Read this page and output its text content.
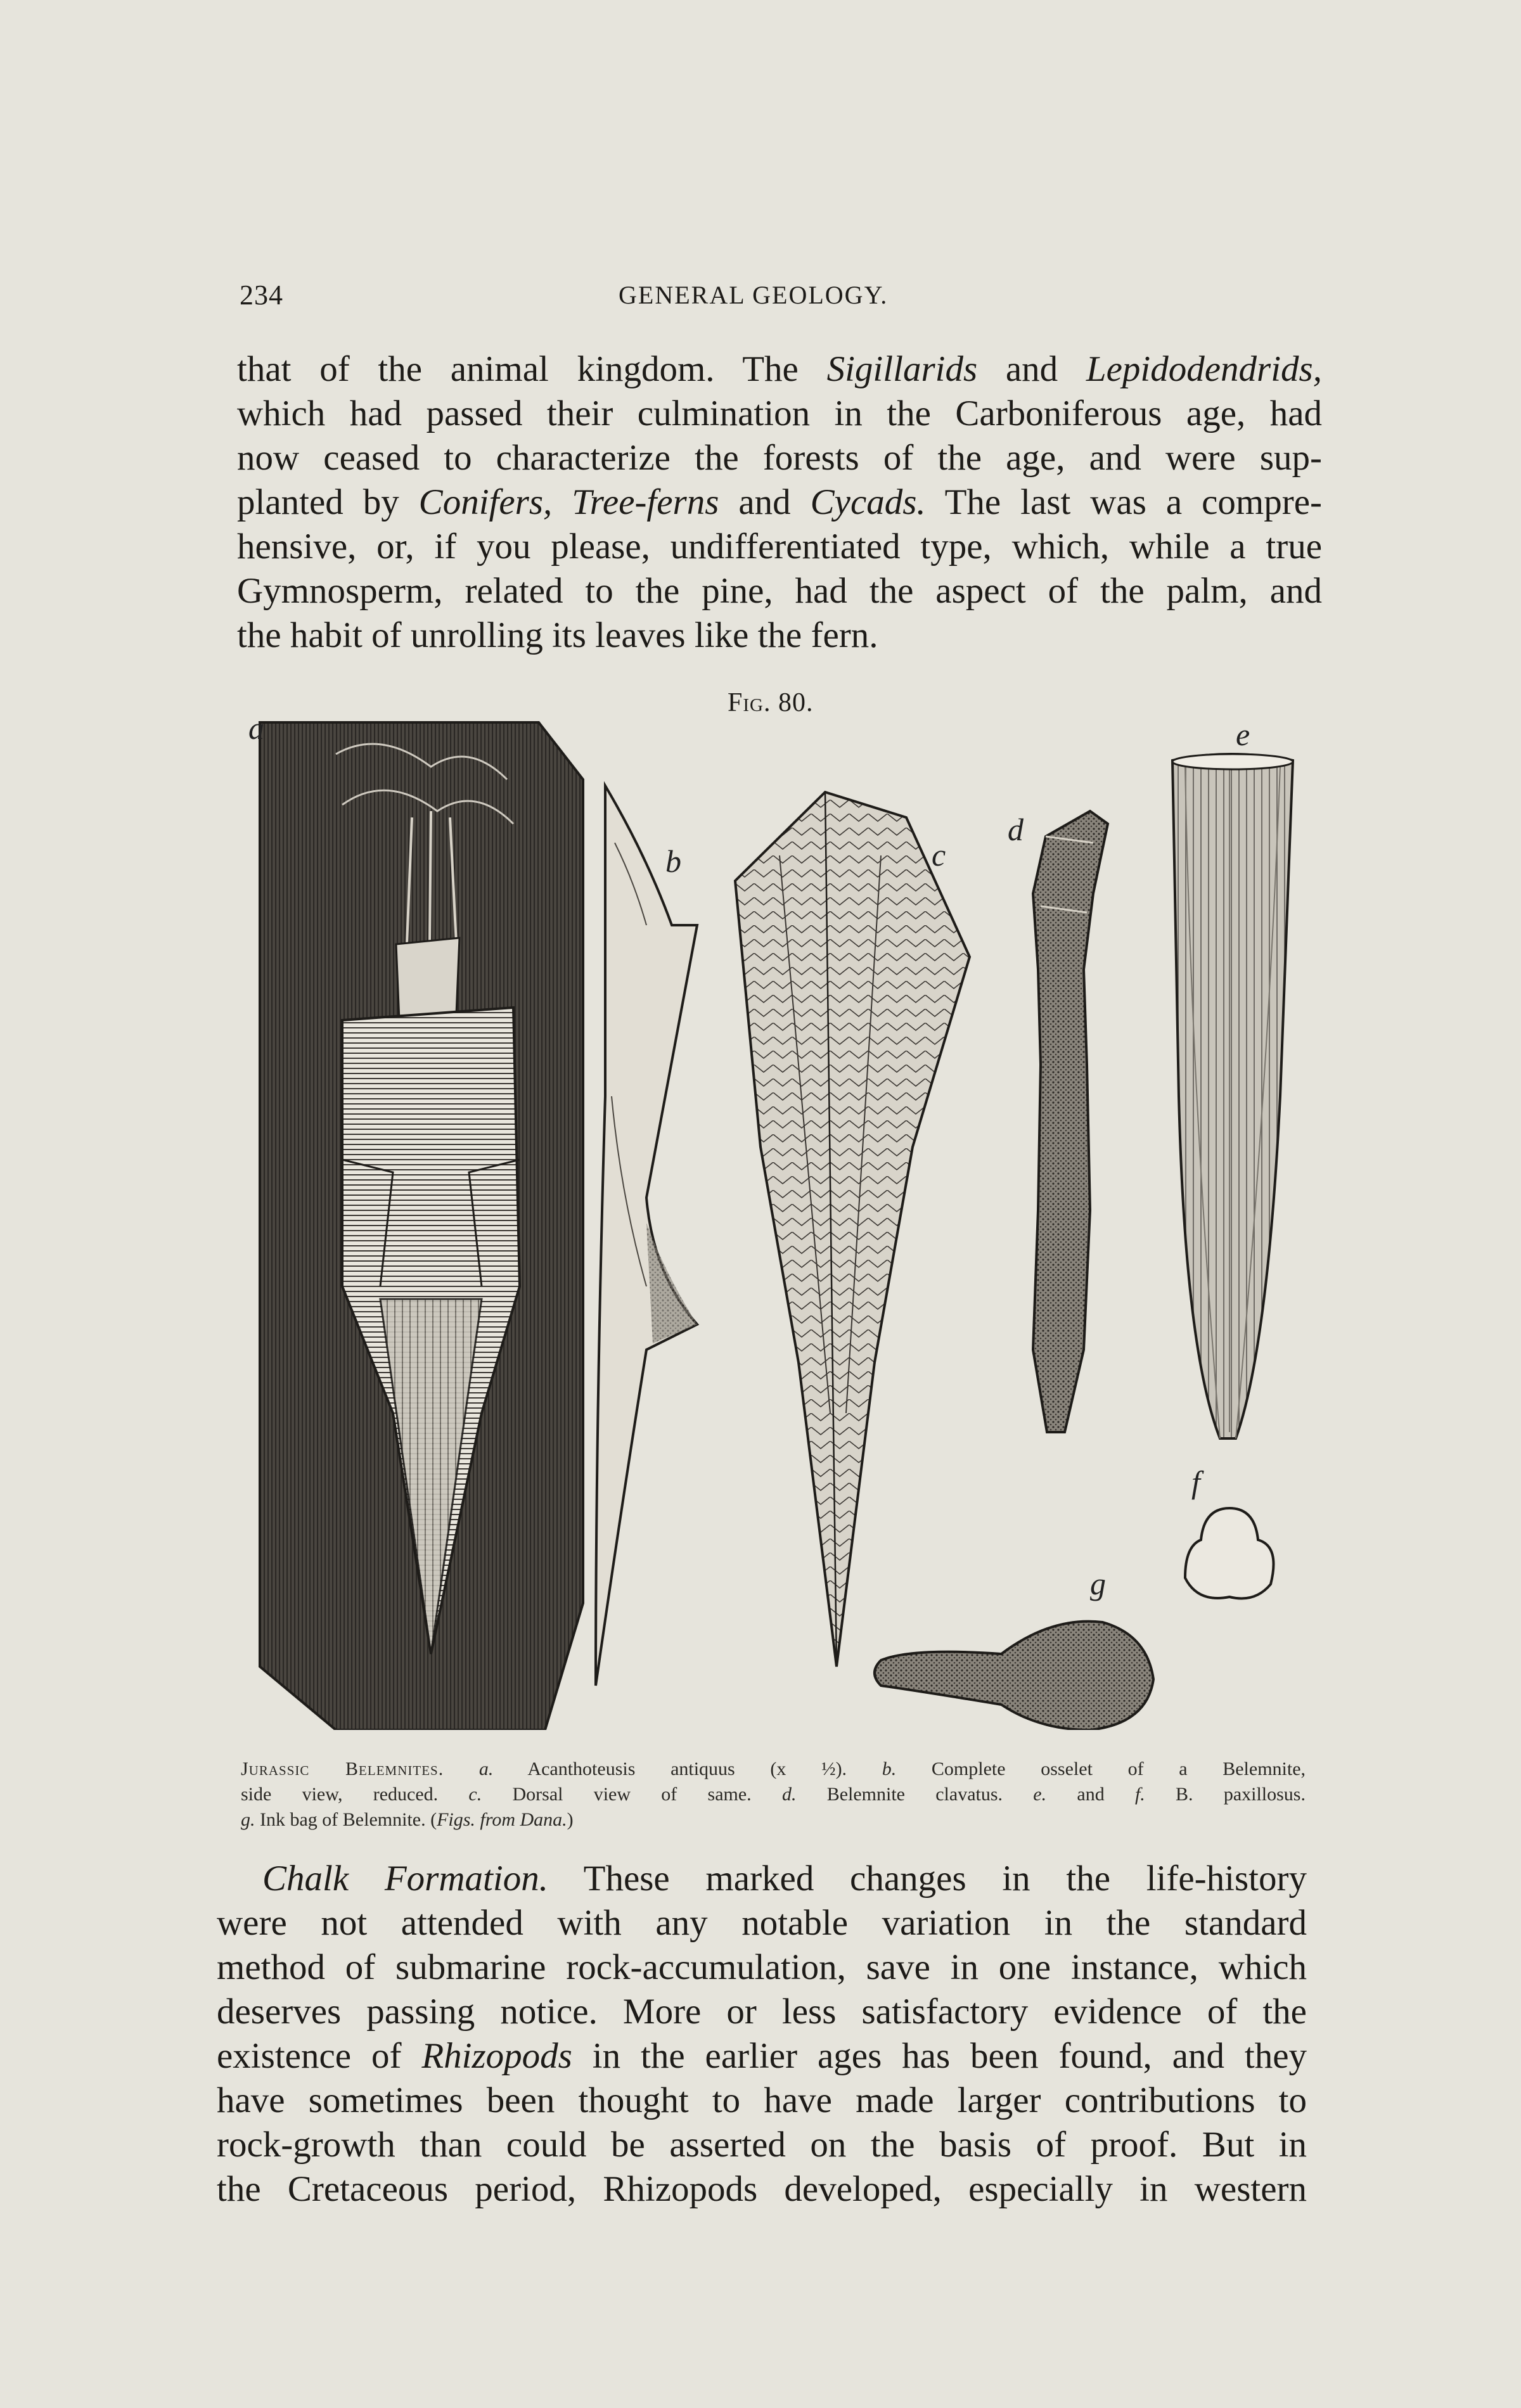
234	GENERAL GEOLOGY.
that of the animal kingdom. The Sigillarids and Lepidodendrids,
which had passed their culmination in the Carboniferous age, had
now ceased to characterize the forests of the age, and were sup-
planted by Conifers, Tree-ferns and Cycads. The last was a compre-
hensive, or, if you please, undifferentiated type, which, while a true
Gymnosperm, related to the pine, had the aspect of the palm, and
the habit of unrolling its leaves like the fern.
Fig. 80.
a
b	c
d
e
f
g
Jurassic Belemnites. a. Acanthoteusis antiquus (x ½). b. Complete osselet of a Belemnite,
side view, reduced. c. Dorsal view of same. d. Belemnite clavatus. e. and f. B. paxillosus.
g. Ink bag of Belemnite. (Figs. from Dana.)
Chalk Formation. These marked changes in the life-history
were not attended with any notable variation in the standard
method of submarine rock-accumulation, save in one instance, which
deserves passing notice. More or less satisfactory evidence of the
existence of Rhizopods in the earlier ages has been found, and they
have sometimes been thought to have made larger contributions to
rock-growth than could be asserted on the basis of proof. But in
the Cretaceous period, Rhizopods developed, especially in western
